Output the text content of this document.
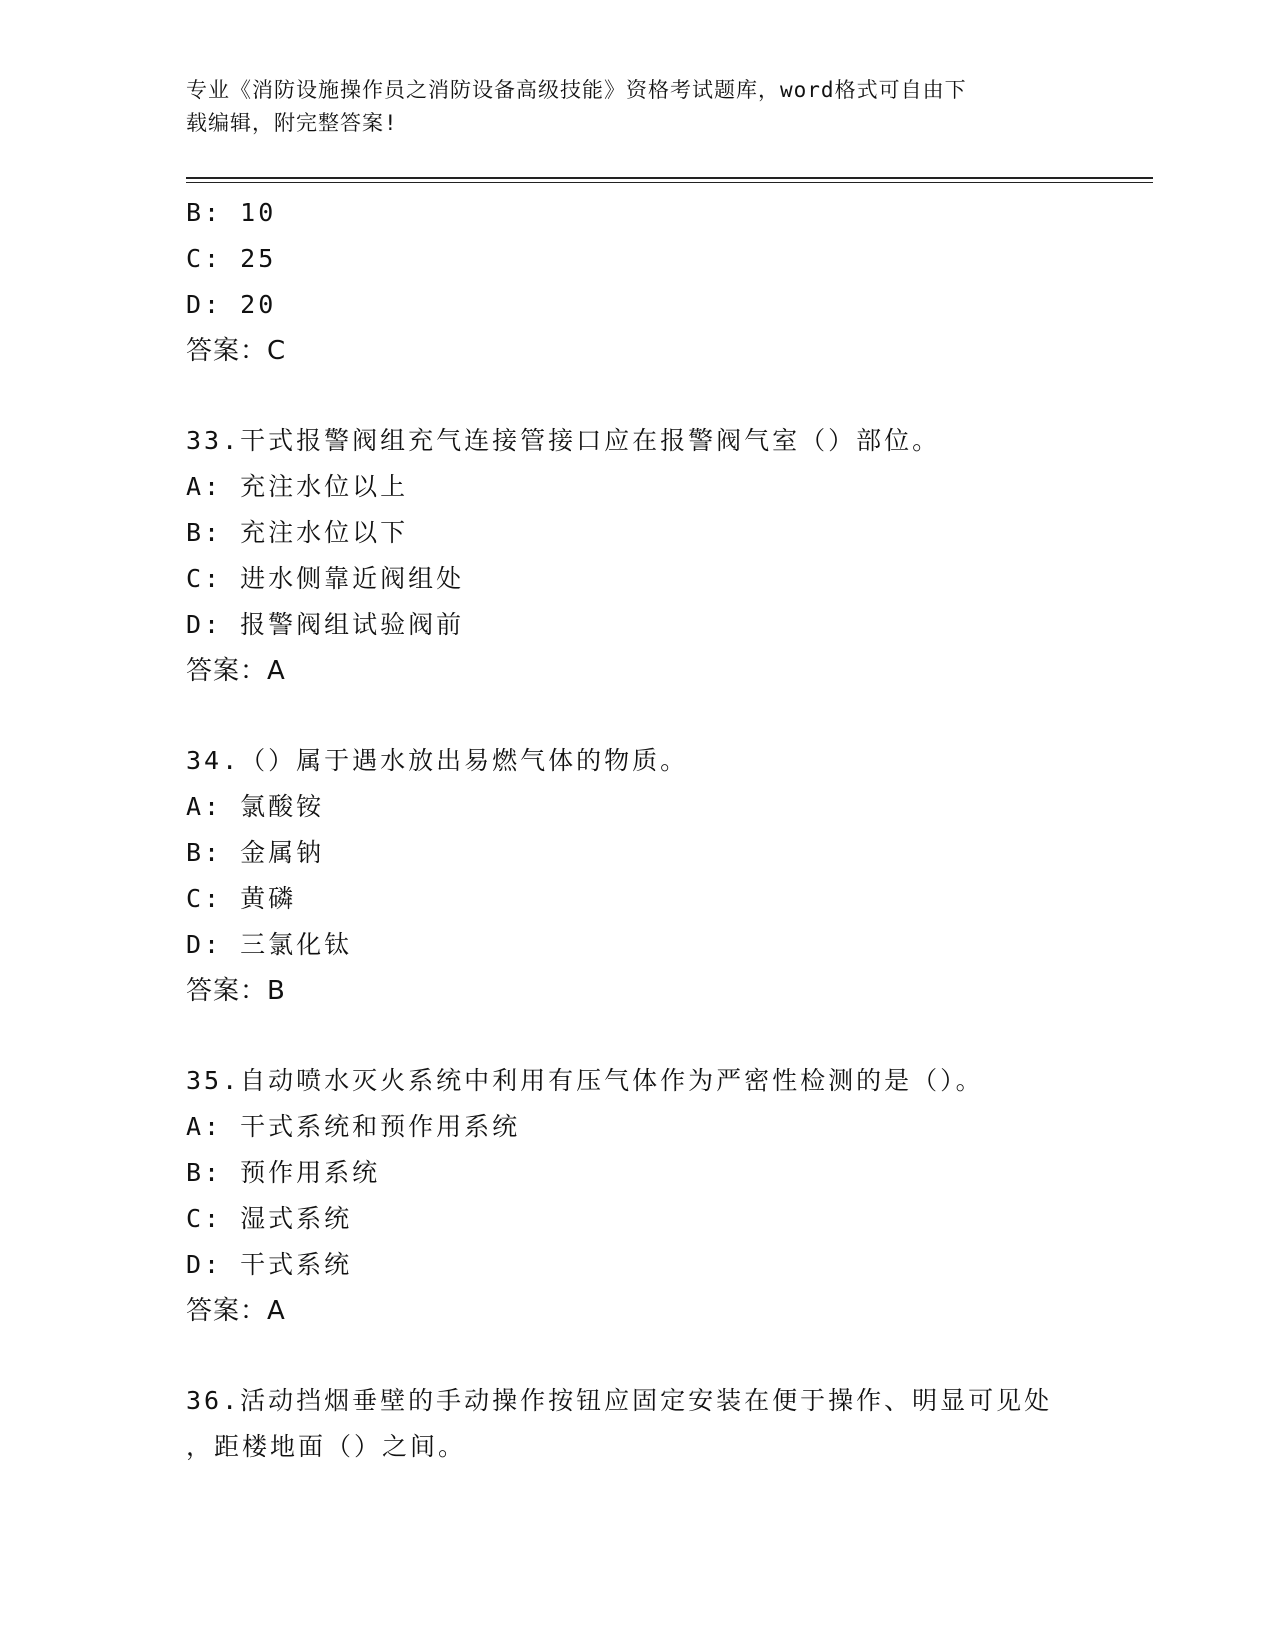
专业《消防设施操作员之消防设备高级技能》资格考试题库，word格式可自由下
载编辑，附完整答案!
B: 10
C: 25
D: 20
答案：C
33.干式报警阀组充气连接管接口应在报警阀气室（）部位。
A: 充注水位以上
B: 充注水位以下
C: 进水侧靠近阀组处
D: 报警阀组试验阀前
答案：A
34.（）属于遇水放出易燃气体的物质。
A: 氯酸铵
B: 金属钠
C: 黄磷
D: 三氯化钛
答案：B
35.自动喷水灭火系统中利用有压气体作为严密性检测的是（）。
A: 干式系统和预作用系统
B: 预作用系统
C: 湿式系统
D: 干式系统
答案：A
36.活动挡烟垂壁的手动操作按钮应固定安装在便于操作、明显可见处
，距楼地面（）之间。
